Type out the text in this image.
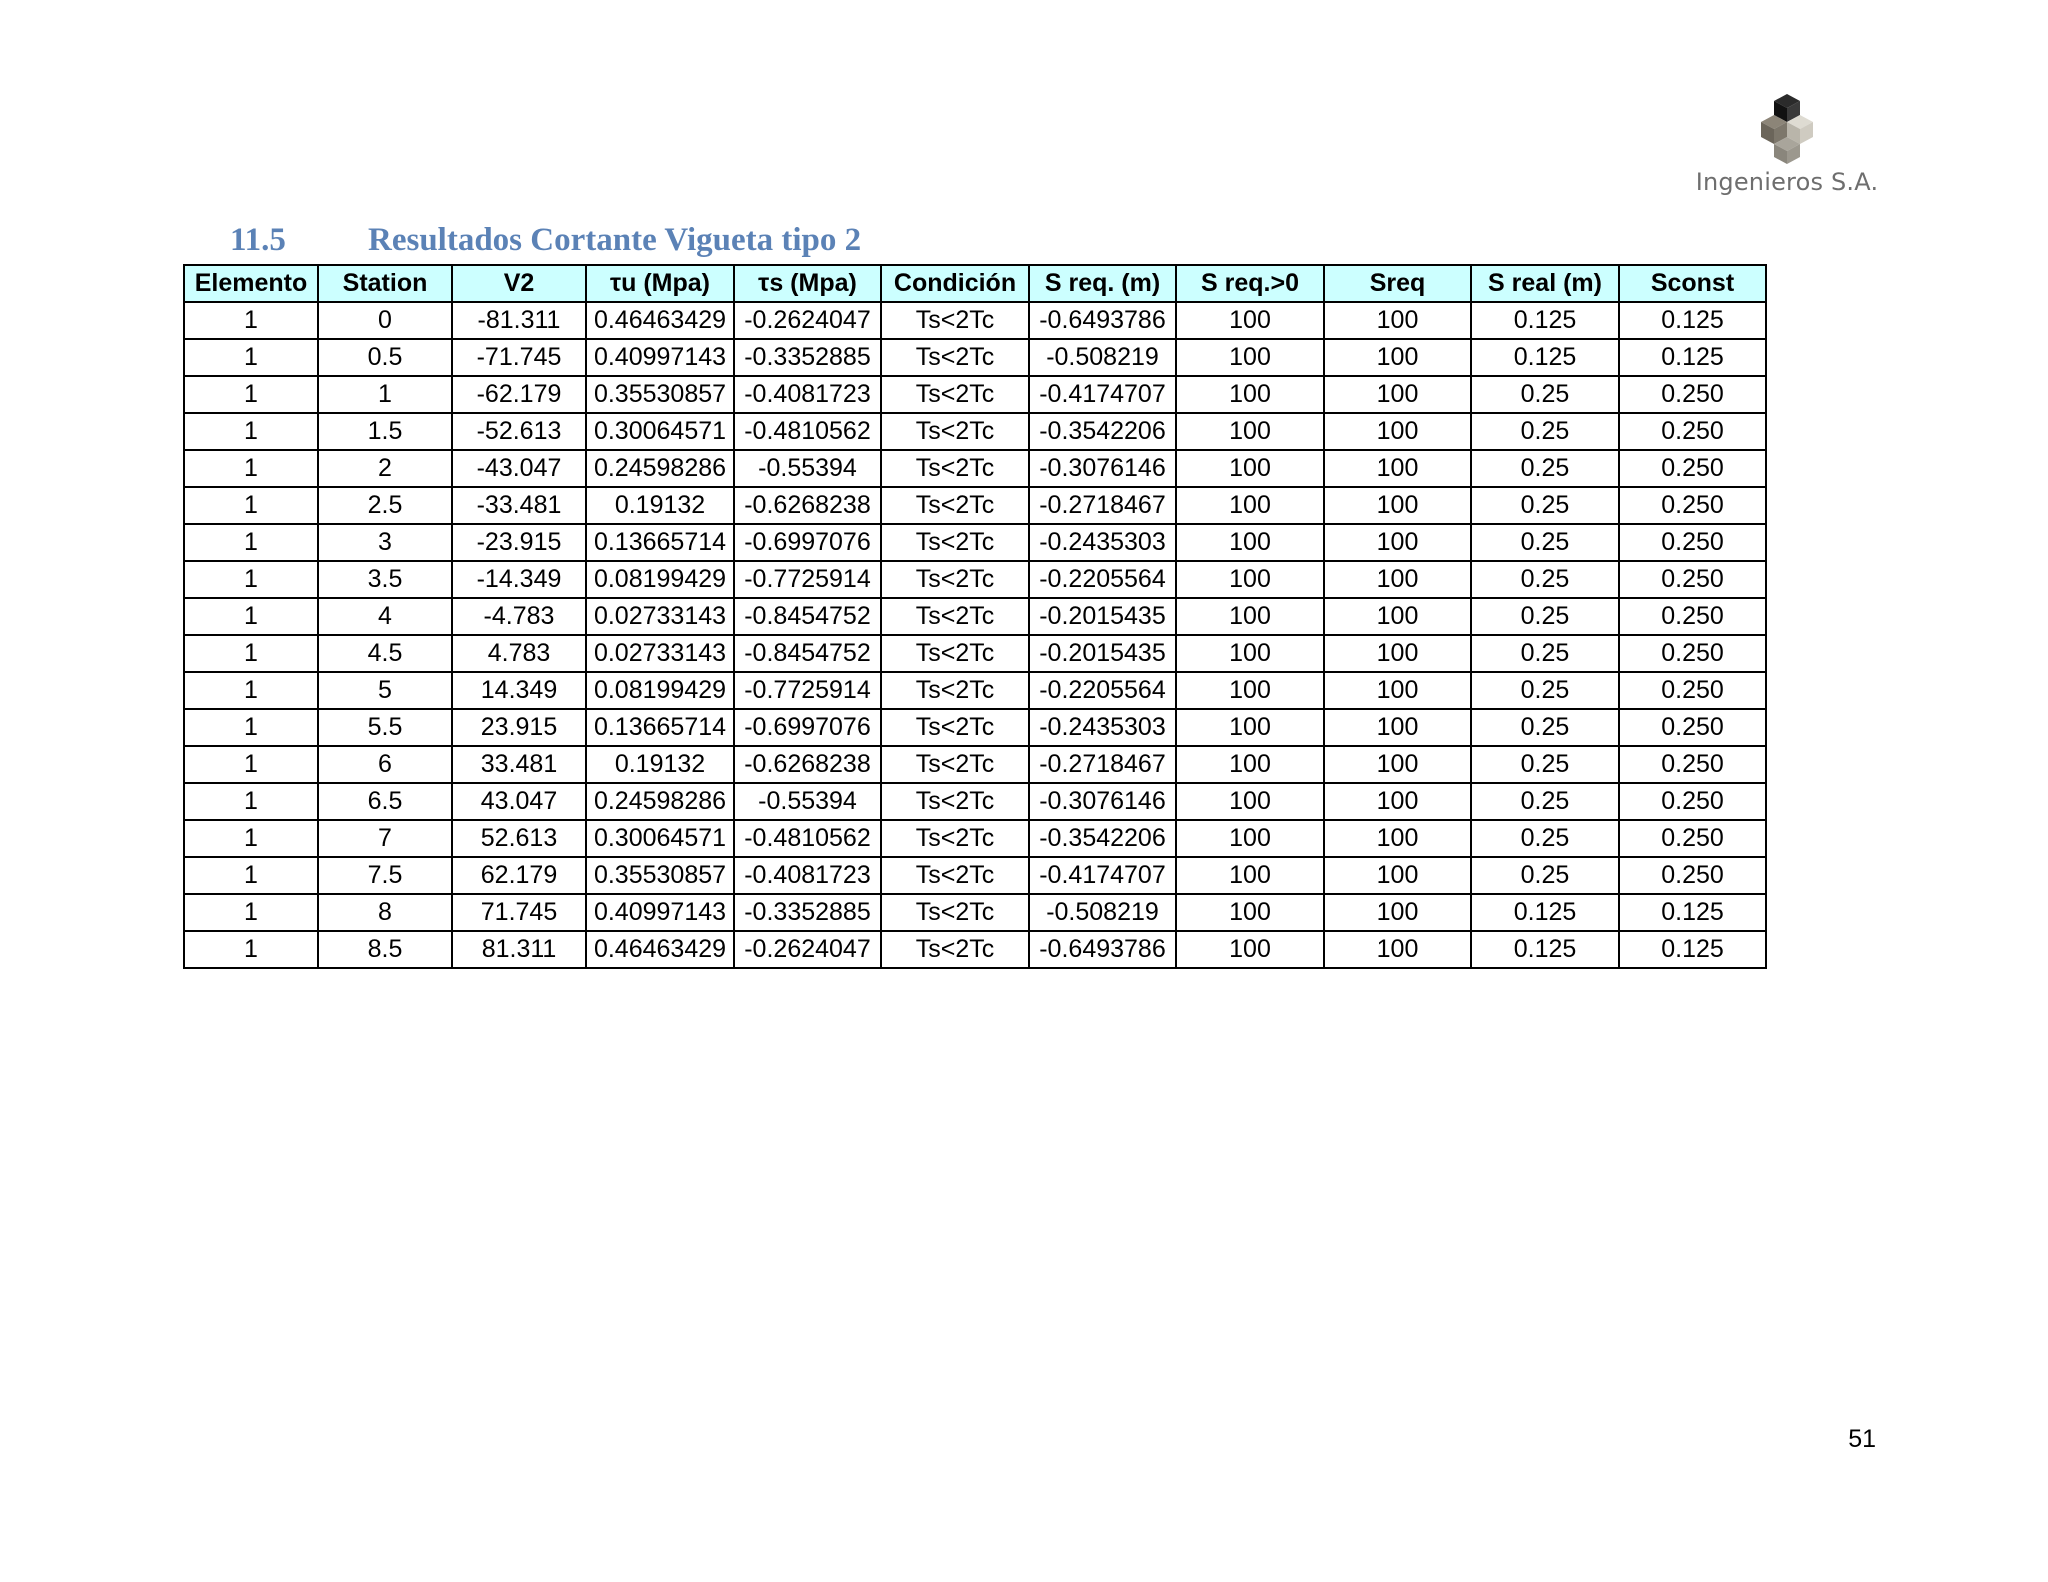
Ingenieros S.A.
11.5 Resultados Cortante Vigueta tipo 2
Elemento	Station	V2	τu (Mpa)	τs (Mpa)	Condición	S req. (m)	S req.>0	Sreq	S real (m)	Sconst
1	0	-81.311	0.46463429	-0.2624047	Ts<2Tc	-0.6493786	100	100	0.125	0.125
1	0.5	-71.745	0.40997143	-0.3352885	Ts<2Tc	-0.508219	100	100	0.125	0.125
1	1	-62.179	0.35530857	-0.4081723	Ts<2Tc	-0.4174707	100	100	0.25	0.250
1	1.5	-52.613	0.30064571	-0.4810562	Ts<2Tc	-0.3542206	100	100	0.25	0.250
1	2	-43.047	0.24598286	-0.55394	Ts<2Tc	-0.3076146	100	100	0.25	0.250
1	2.5	-33.481	0.19132	-0.6268238	Ts<2Tc	-0.2718467	100	100	0.25	0.250
1	3	-23.915	0.13665714	-0.6997076	Ts<2Tc	-0.2435303	100	100	0.25	0.250
1	3.5	-14.349	0.08199429	-0.7725914	Ts<2Tc	-0.2205564	100	100	0.25	0.250
1	4	-4.783	0.02733143	-0.8454752	Ts<2Tc	-0.2015435	100	100	0.25	0.250
1	4.5	4.783	0.02733143	-0.8454752	Ts<2Tc	-0.2015435	100	100	0.25	0.250
1	5	14.349	0.08199429	-0.7725914	Ts<2Tc	-0.2205564	100	100	0.25	0.250
1	5.5	23.915	0.13665714	-0.6997076	Ts<2Tc	-0.2435303	100	100	0.25	0.250
1	6	33.481	0.19132	-0.6268238	Ts<2Tc	-0.2718467	100	100	0.25	0.250
1	6.5	43.047	0.24598286	-0.55394	Ts<2Tc	-0.3076146	100	100	0.25	0.250
1	7	52.613	0.30064571	-0.4810562	Ts<2Tc	-0.3542206	100	100	0.25	0.250
1	7.5	62.179	0.35530857	-0.4081723	Ts<2Tc	-0.4174707	100	100	0.25	0.250
1	8	71.745	0.40997143	-0.3352885	Ts<2Tc	-0.508219	100	100	0.125	0.125
1	8.5	81.311	0.46463429	-0.2624047	Ts<2Tc	-0.6493786	100	100	0.125	0.125
51
